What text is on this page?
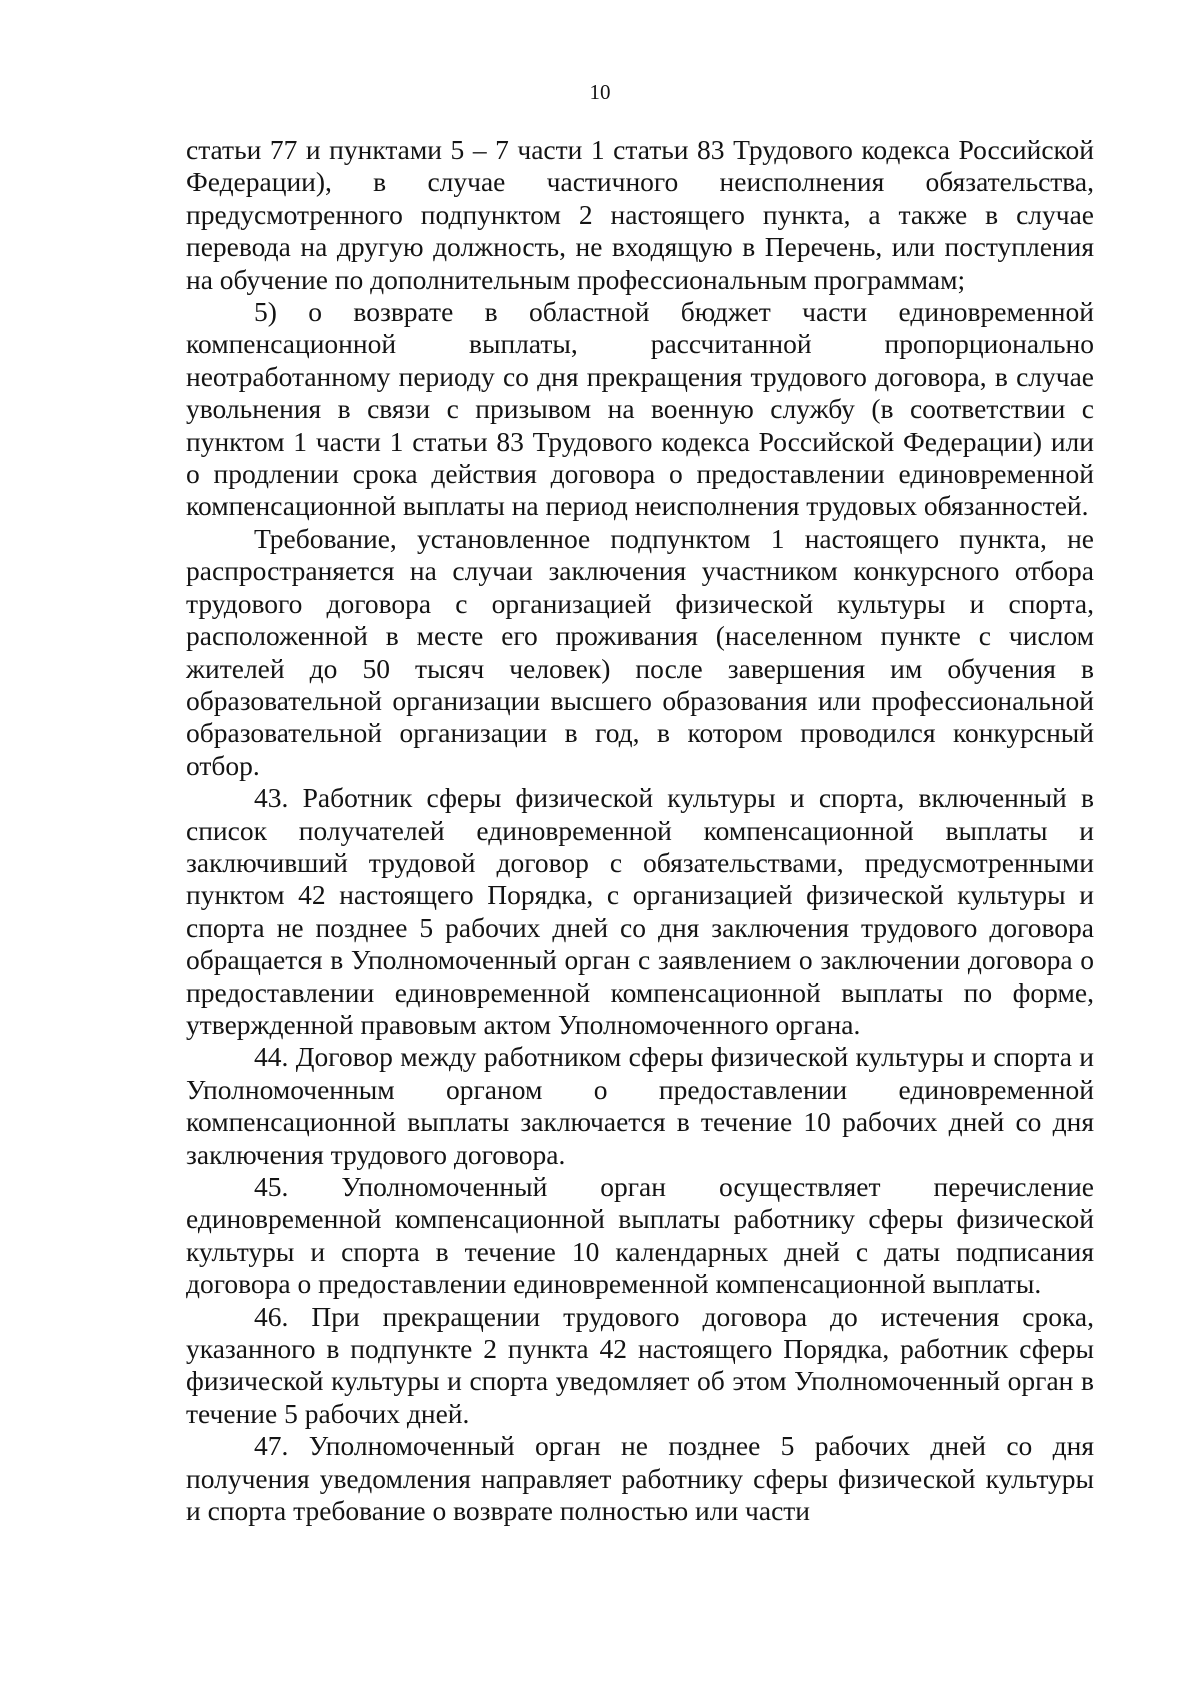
10

статьи 77 и пунктами 5 – 7 части 1 статьи 83 Трудового кодекса Российской Федерации), в случае частичного неисполнения обязательства, предусмотренного подпунктом 2 настоящего пункта, а также в случае перевода на другую должность, не входящую в Перечень, или поступления на обучение по дополнительным профессиональным программам;

5) о возврате в областной бюджет части единовременной компенсационной выплаты, рассчитанной пропорционально неотработанному периоду со дня прекращения трудового договора, в случае увольнения в связи с призывом на военную службу (в соответствии с пунктом 1 части 1 статьи 83 Трудового кодекса Российской Федерации) или о продлении срока действия договора о предоставлении единовременной компенсационной выплаты на период неисполнения трудовых обязанностей.

Требование, установленное подпунктом 1 настоящего пункта, не распространяется на случаи заключения участником конкурсного отбора трудового договора с организацией физической культуры и спорта, расположенной в месте его проживания (населенном пункте с числом жителей до 50 тысяч человек) после завершения им обучения в образовательной организации высшего образования или профессиональной образовательной организации в год, в котором проводился конкурсный отбор.

43. Работник сферы физической культуры и спорта, включенный в список получателей единовременной компенсационной выплаты и заключивший трудовой договор с обязательствами, предусмотренными пунктом 42 настоящего Порядка, с организацией физической культуры и спорта не позднее 5 рабочих дней со дня заключения трудового договора обращается в Уполномоченный орган с заявлением о заключении договора о предоставлении единовременной компенсационной выплаты по форме, утвержденной правовым актом Уполномоченного органа.

44. Договор между работником сферы физической культуры и спорта и Уполномоченным органом о предоставлении единовременной компенсационной выплаты заключается в течение 10 рабочих дней со дня заключения трудового договора.

45. Уполномоченный орган осуществляет перечисление единовременной компенсационной выплаты работнику сферы физической культуры и спорта в течение 10 календарных дней с даты подписания договора о предоставлении единовременной компенсационной выплаты.

46. При прекращении трудового договора до истечения срока, указанного в подпункте 2 пункта 42 настоящего Порядка, работник сферы физической культуры и спорта уведомляет об этом Уполномоченный орган в течение 5 рабочих дней.

47. Уполномоченный орган не позднее 5 рабочих дней со дня получения уведомления направляет работнику сферы физической культуры и спорта требование о возврате полностью или части
